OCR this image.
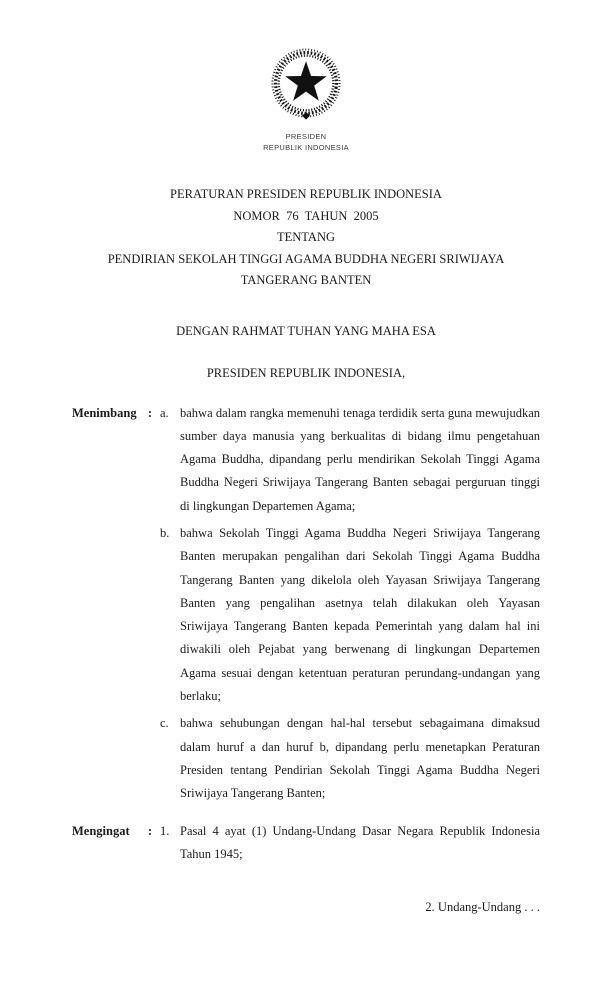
PRESIDEN
REPUBLIK INDONESIA
PERATURAN PRESIDEN REPUBLIK INDONESIA
NOMOR  76  TAHUN  2005
TENTANG
PENDIRIAN SEKOLAH TINGGI AGAMA BUDDHA NEGERI SRIWIJAYA
TANGERANG BANTEN
DENGAN RAHMAT TUHAN YANG MAHA ESA
PRESIDEN REPUBLIK INDONESIA,
Menimbang : a. bahwa dalam rangka memenuhi tenaga terdidik serta guna mewujudkan sumber daya manusia yang berkualitas di bidang ilmu pengetahuan Agama Buddha, dipandang perlu mendirikan Sekolah Tinggi Agama Buddha Negeri Sriwijaya Tangerang Banten sebagai perguruan tinggi di lingkungan Departemen Agama;
b. bahwa Sekolah Tinggi Agama Buddha Negeri Sriwijaya Tangerang Banten merupakan pengalihan dari Sekolah Tinggi Agama Buddha Tangerang Banten yang dikelola oleh Yayasan Sriwijaya Tangerang Banten yang pengalihan asetnya telah dilakukan oleh Yayasan Sriwijaya Tangerang Banten kepada Pemerintah yang dalam hal ini diwakili oleh Pejabat yang berwenang di lingkungan Departemen Agama sesuai dengan ketentuan peraturan perundang-undangan yang berlaku;
c. bahwa sehubungan dengan hal-hal tersebut sebagaimana dimaksud dalam huruf a dan huruf b, dipandang perlu menetapkan Peraturan Presiden tentang Pendirian Sekolah Tinggi Agama Buddha Negeri Sriwijaya Tangerang Banten;
Mengingat : 1. Pasal 4 ayat (1) Undang-Undang Dasar Negara Republik Indonesia Tahun 1945;
2. Undang-Undang . . .
